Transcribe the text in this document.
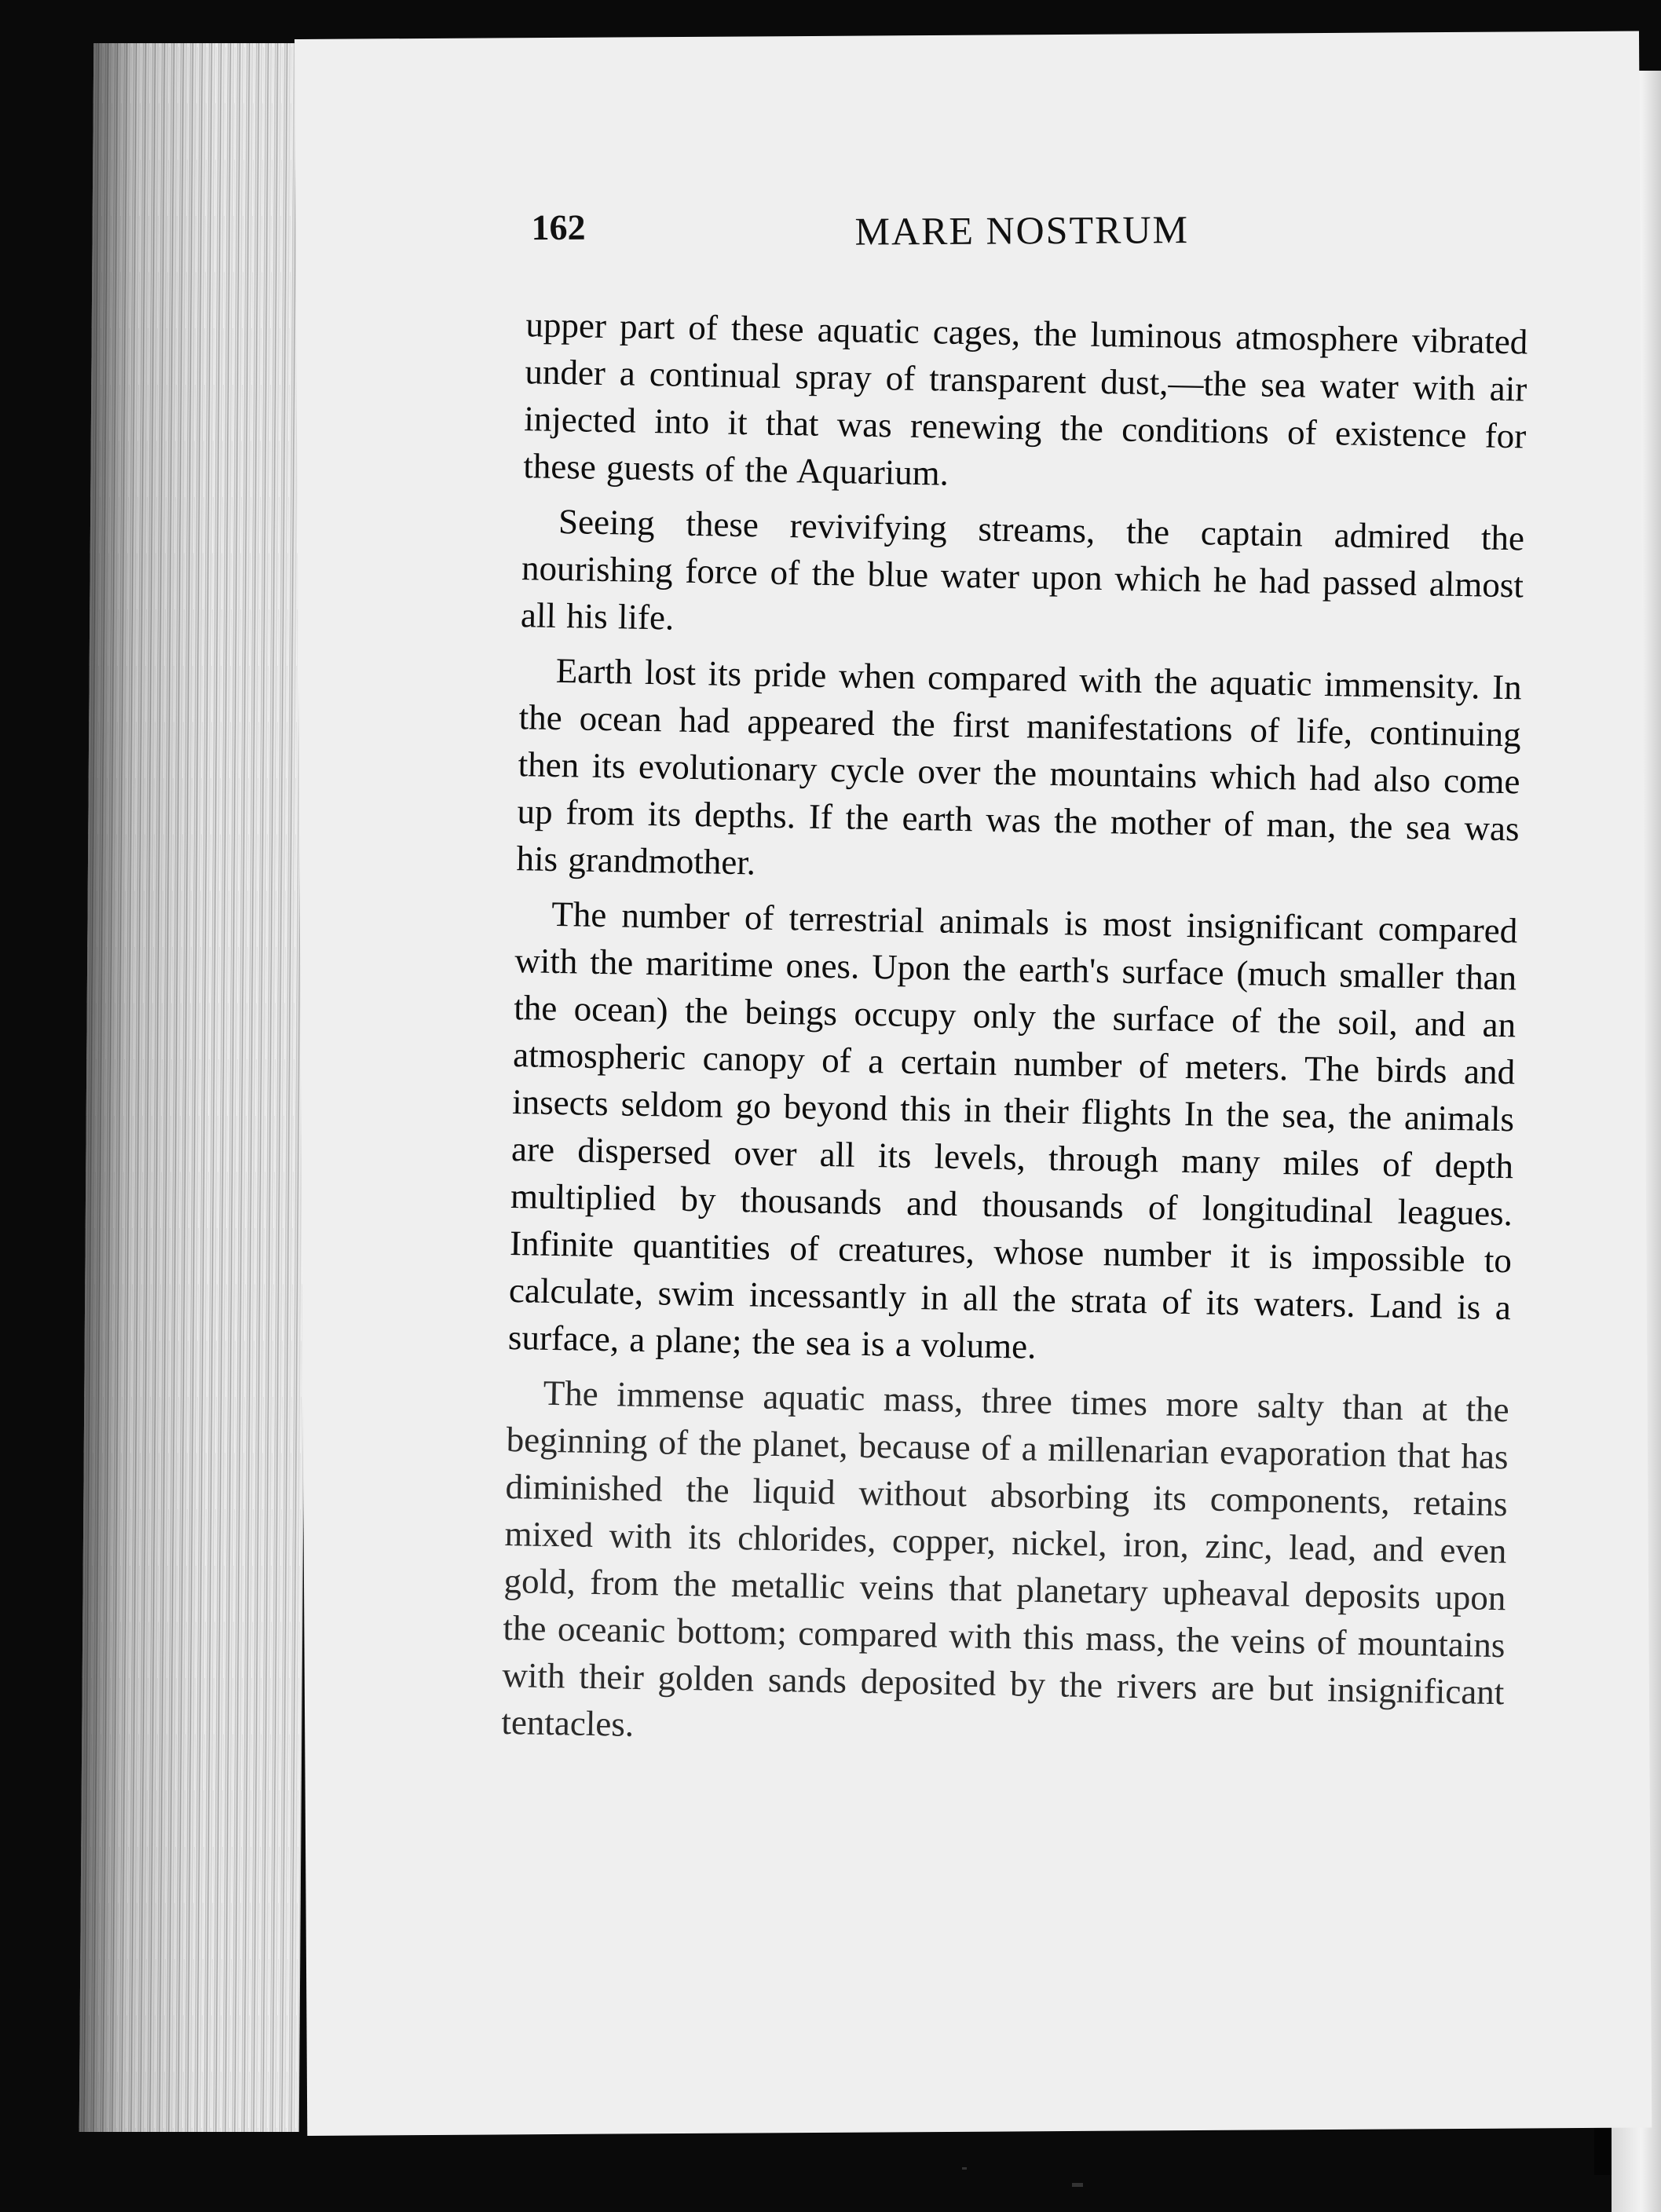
162	MARE NOSTRUM

upper part of these aquatic cages, the luminous atmosphere vibrated under a continual spray of transparent dust,—the sea water with air injected into it that was renewing the conditions of existence for these guests of the Aquarium.

Seeing these revivifying streams, the captain admired the nourishing force of the blue water upon which he had passed almost all his life.

Earth lost its pride when compared with the aquatic immensity. In the ocean had appeared the first manifestations of life, continuing then its evolutionary cycle over the mountains which had also come up from its depths. If the earth was the mother of man, the sea was his grandmother.

The number of terrestrial animals is most insignificant compared with the maritime ones. Upon the earth's surface (much smaller than the ocean) the beings occupy only the surface of the soil, and an atmospheric canopy of a certain number of meters. The birds and insects seldom go beyond this in their flights In the sea, the animals are dispersed over all its levels, through many miles of depth multiplied by thousands and thousands of longitudinal leagues. Infinite quantities of creatures, whose number it is impossible to calculate, swim incessantly in all the strata of its waters. Land is a surface, a plane; the sea is a volume.

The immense aquatic mass, three times more salty than at the beginning of the planet, because of a millenarian evaporation that has diminished the liquid without absorbing its components, retains mixed with its chlorides, copper, nickel, iron, zinc, lead, and even gold, from the metallic veins that planetary upheaval deposits upon the oceanic bottom; compared with this mass, the veins of mountains with their golden sands deposited by the rivers are but insignificant tentacles.
